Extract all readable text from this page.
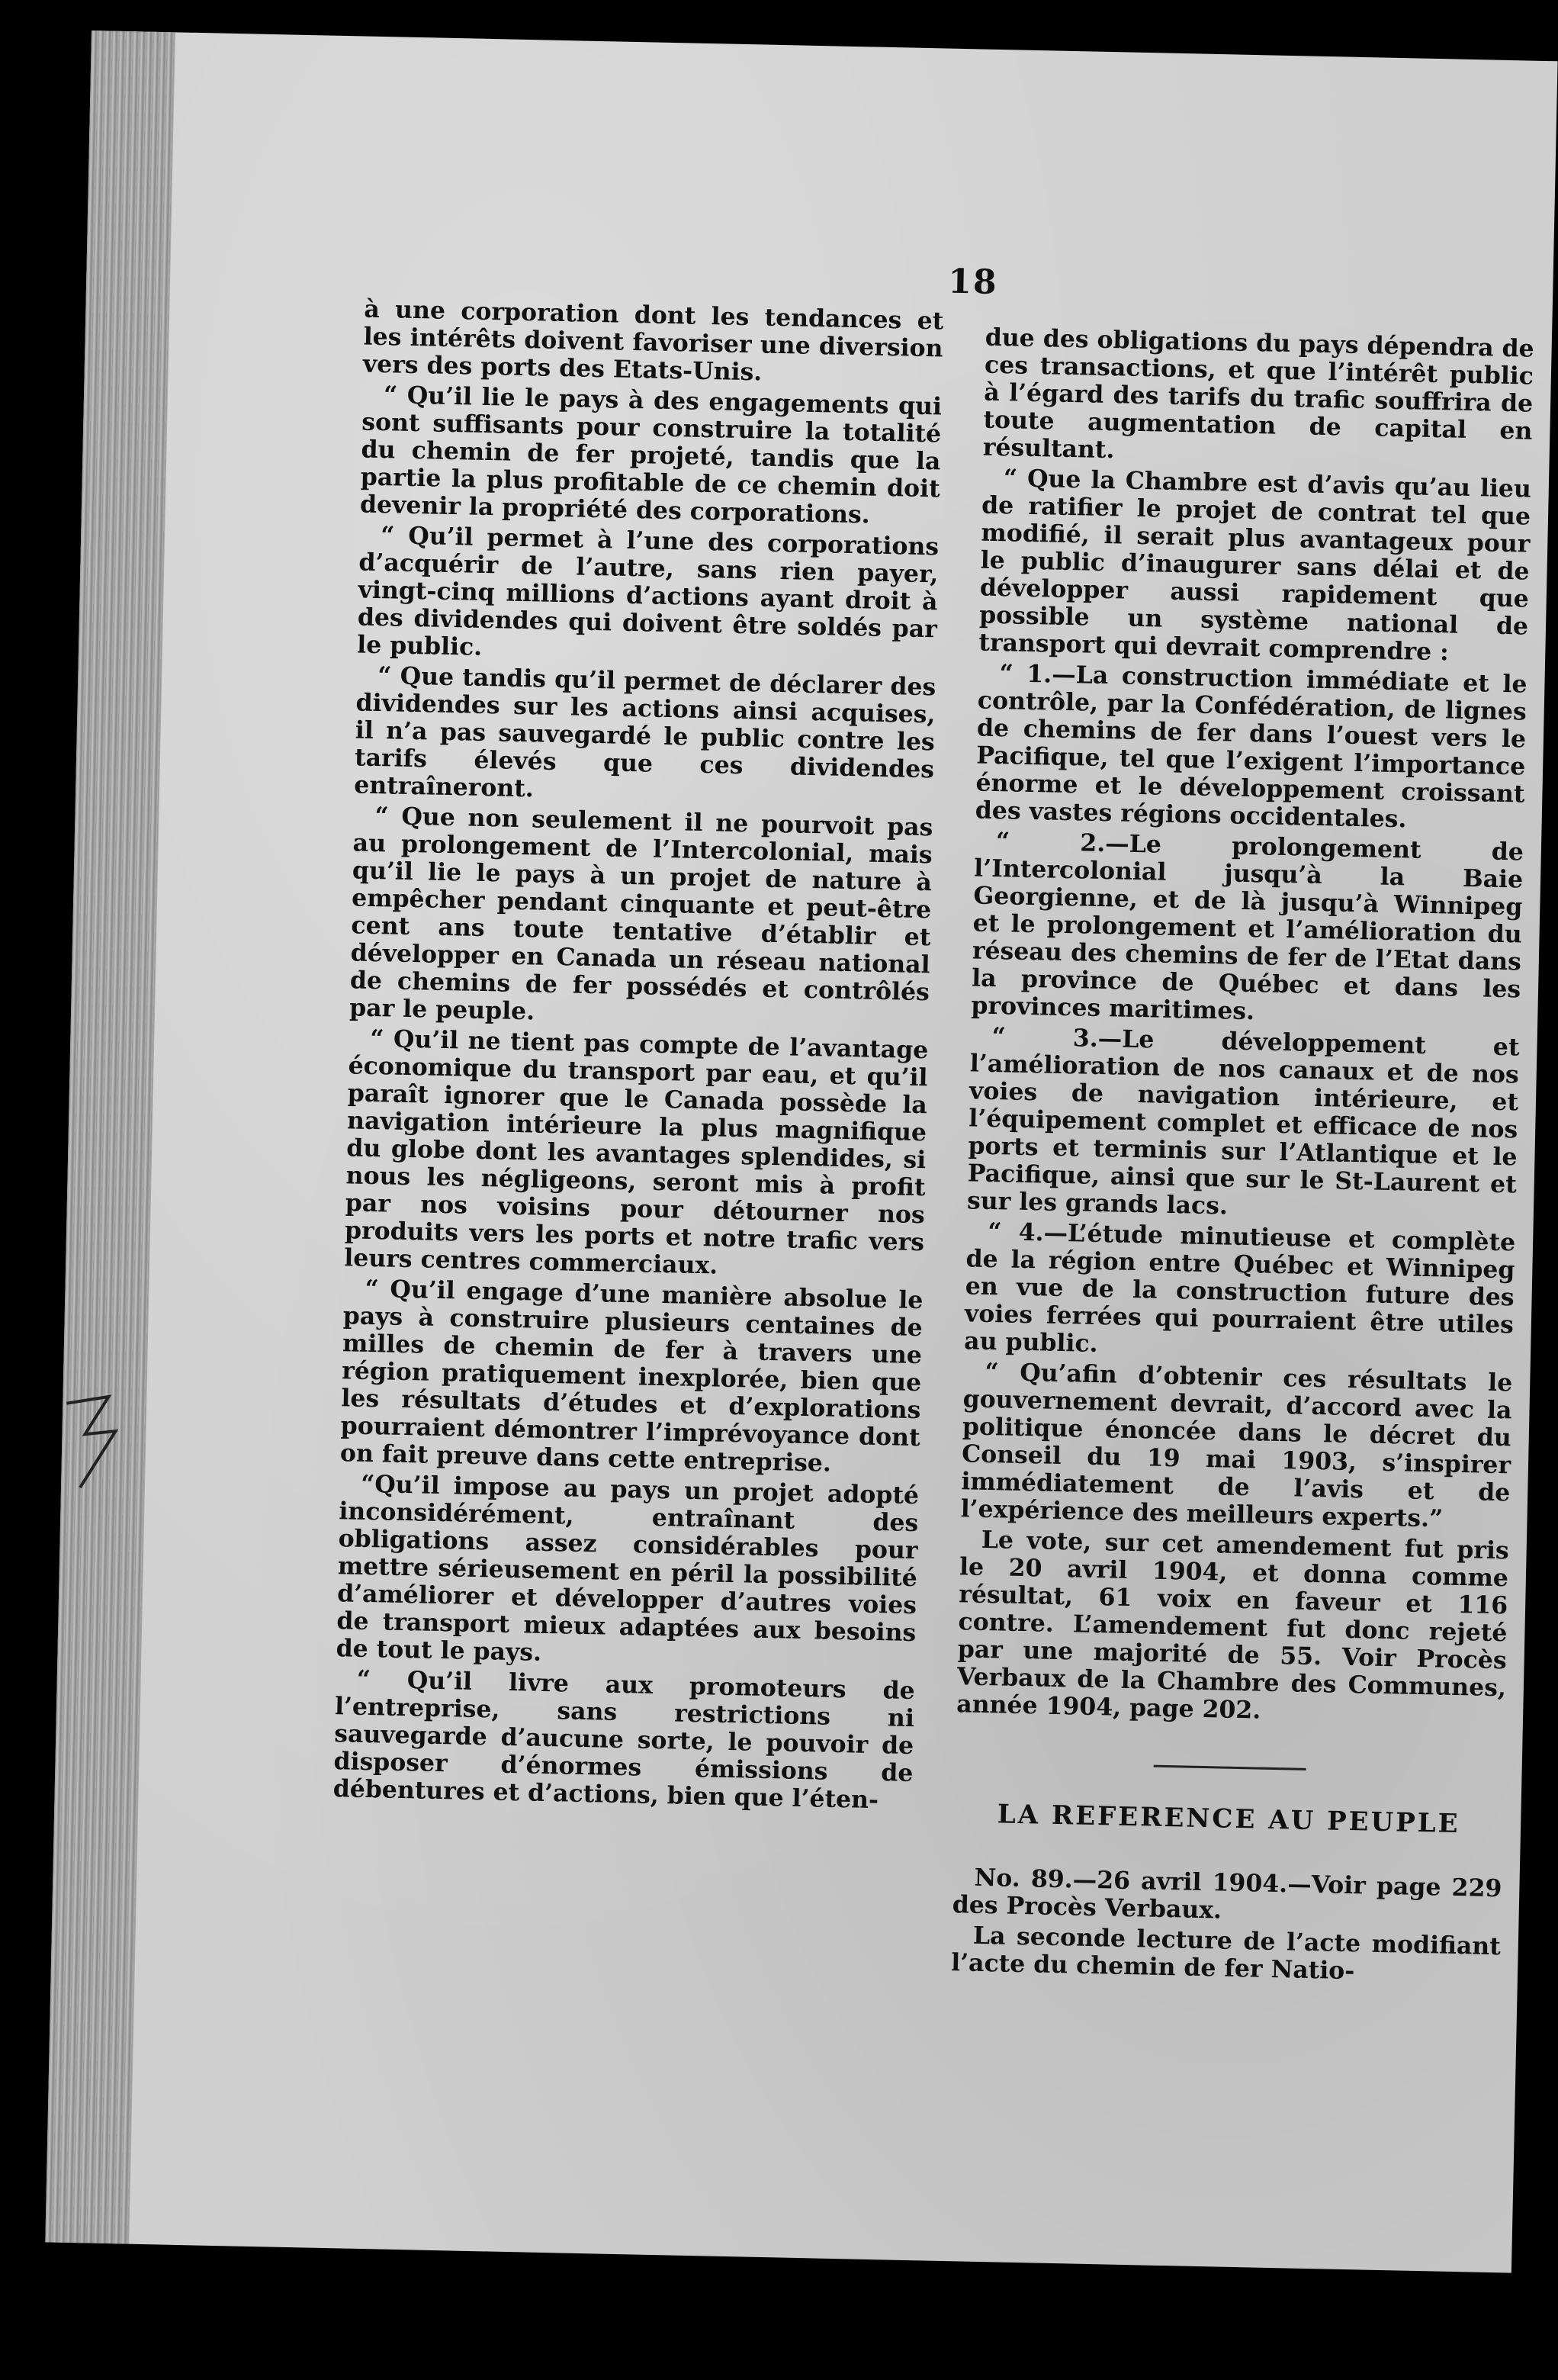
18

à une corporation dont les tendances et les intérêts doivent favoriser une diversion vers des ports des Etats-Unis.

“ Qu’il lie le pays à des engagements qui sont suffisants pour construire la totalité du chemin de fer projeté, tandis que la partie la plus profitable de ce chemin doit devenir la propriété des corporations.

“ Qu’il permet à l’une des corporations d’acquérir de l’autre, sans rien payer, vingt-cinq millions d’actions ayant droit à des dividendes qui doivent être soldés par le public.

“ Que tandis qu’il permet de déclarer des dividendes sur les actions ainsi acquises, il n’a pas sauvegardé le public contre les tarifs élevés que ces dividendes entraîneront.

“ Que non seulement il ne pourvoit pas au prolongement de l’Intercolonial, mais qu’il lie le pays à un projet de nature à empêcher pendant cinquante et peut-être cent ans toute tentative d’établir et développer en Canada un réseau national de chemins de fer possédés et contrôlés par le peuple.

“ Qu’il ne tient pas compte de l’avantage économique du transport par eau, et qu’il paraît ignorer que le Canada possède la navigation intérieure la plus magnifique du globe dont les avantages splendides, si nous les négligeons, seront mis à profit par nos voisins pour détourner nos produits vers les ports et notre trafic vers leurs centres commerciaux.

“ Qu’il engage d’une manière absolue le pays à construire plusieurs centaines de milles de chemin de fer à travers une région pratiquement inexplorée, bien que les résultats d’études et d’explorations pourraient démontrer l’imprévoyance dont on fait preuve dans cette entreprise.

“Qu’il impose au pays un projet adopté inconsidérément, entraînant des obligations assez considérables pour mettre sérieusement en péril la possibilité d’améliorer et développer d’autres voies de transport mieux adaptées aux besoins de tout le pays.

“ Qu’il livre aux promoteurs de l’entreprise, sans restrictions ni sauvegarde d’aucune sorte, le pouvoir de disposer d’énormes émissions de débentures et d’actions, bien que l’éten-

due des obligations du pays dépendra de ces transactions, et que l’intérêt public à l’égard des tarifs du trafic souffrira de toute augmentation de capital en résultant.

“ Que la Chambre est d’avis qu’au lieu de ratifier le projet de contrat tel que modifié, il serait plus avantageux pour le public d’inaugurer sans délai et de développer aussi rapidement que possible un système national de transport qui devrait comprendre :

“ 1.—La construction immédiate et le contrôle, par la Confédération, de lignes de chemins de fer dans l’ouest vers le Pacifique, tel que l’exigent l’importance énorme et le développement croissant des vastes régions occidentales.

“ 2.—Le prolongement de l’Intercolonial jusqu’à la Baie Georgienne, et de là jusqu’à Winnipeg et le prolongement et l’amélioration du réseau des chemins de fer de l’Etat dans la province de Québec et dans les provinces maritimes.

“ 3.—Le développement et l’amélioration de nos canaux et de nos voies de navigation intérieure, et l’équipement complet et efficace de nos ports et terminis sur l’Atlantique et le Pacifique, ainsi que sur le St-Laurent et sur les grands lacs.

“ 4.—L’étude minutieuse et complète de la région entre Québec et Winnipeg en vue de la construction future des voies ferrées qui pourraient être utiles au public.

“ Qu’afin d’obtenir ces résultats le gouvernement devrait, d’accord avec la politique énoncée dans le décret du Conseil du 19 mai 1903, s’inspirer immédiatement de l’avis et de l’expérience des meilleurs experts.”

Le vote, sur cet amendement fut pris le 20 avril 1904, et donna comme résultat, 61 voix en faveur et 116 contre. L’amendement fut donc rejeté par une majorité de 55. Voir Procès Verbaux de la Chambre des Communes, année 1904, page 202.

LA REFERENCE AU PEUPLE

No. 89.—26 avril 1904.—Voir page 229 des Procès Verbaux.

La seconde lecture de l’acte modifiant l’acte du chemin de fer Natio-
